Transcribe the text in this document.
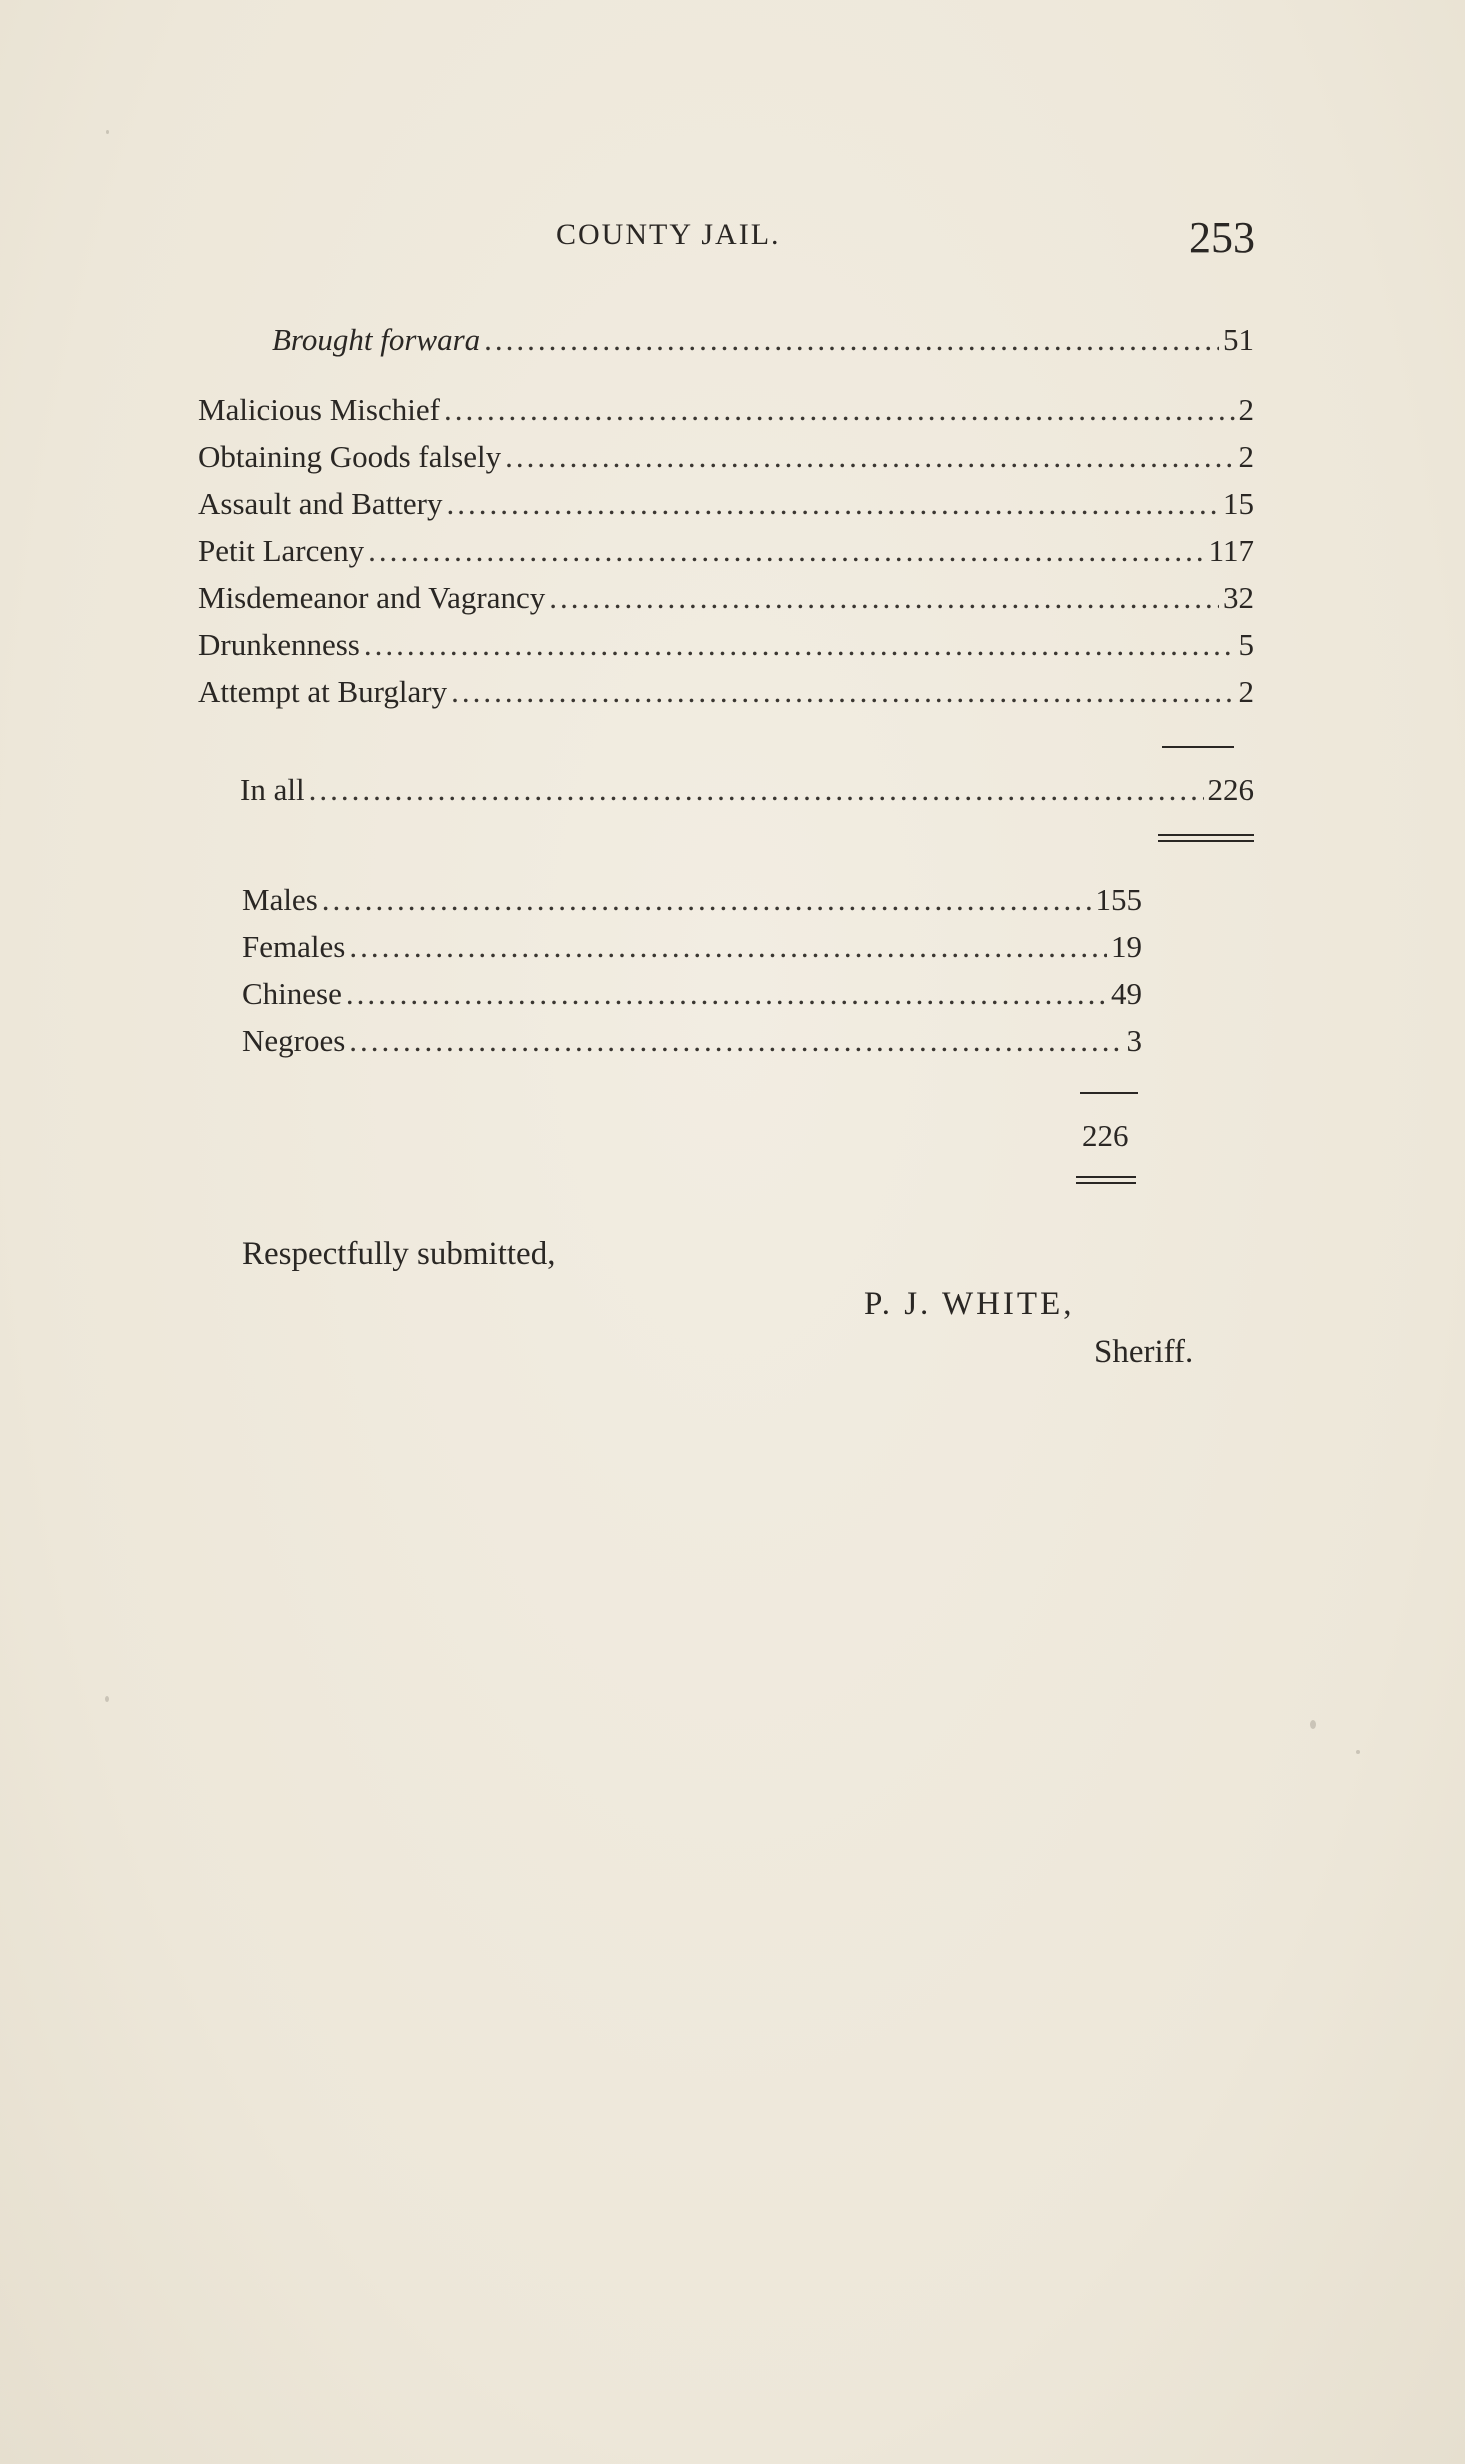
COUNTY JAIL.	253
Brought forwara .....	51
Malicious Mischief .....	2
Obtaining Goods falsely .....	2
Assault and Battery .....	15
Petit Larceny .....	117
Misdemeanor and Vagrancy .....	32
Drunkenness .....	5
Attempt at Burglary .....	2
In all .....	226
Males .....	155
Females .....	19
Chinese .....	49
Negroes .....	3
226
Respectfully submitted,
P. J. WHITE,
Sheriff.
